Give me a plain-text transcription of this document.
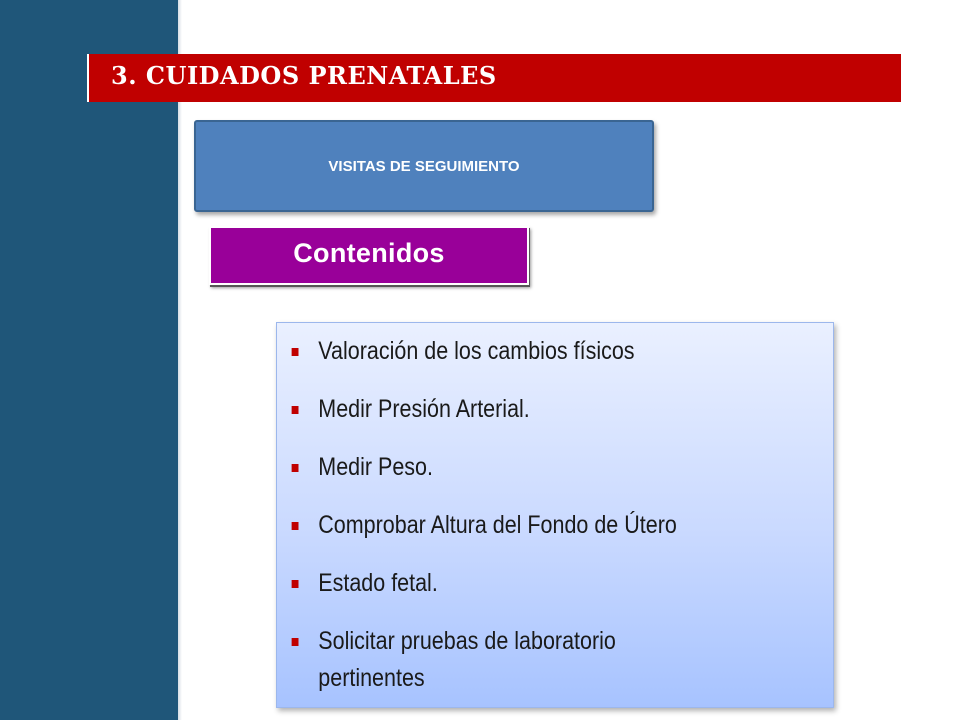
3. CUIDADOS PRENATALES
VISITAS DE SEGUIMIENTO
Contenidos
Valoración de los cambios físicos
Medir Presión Arterial.
Medir Peso.
Comprobar Altura del Fondo de Útero
Estado fetal.
Solicitar pruebas de laboratorio pertinentes
